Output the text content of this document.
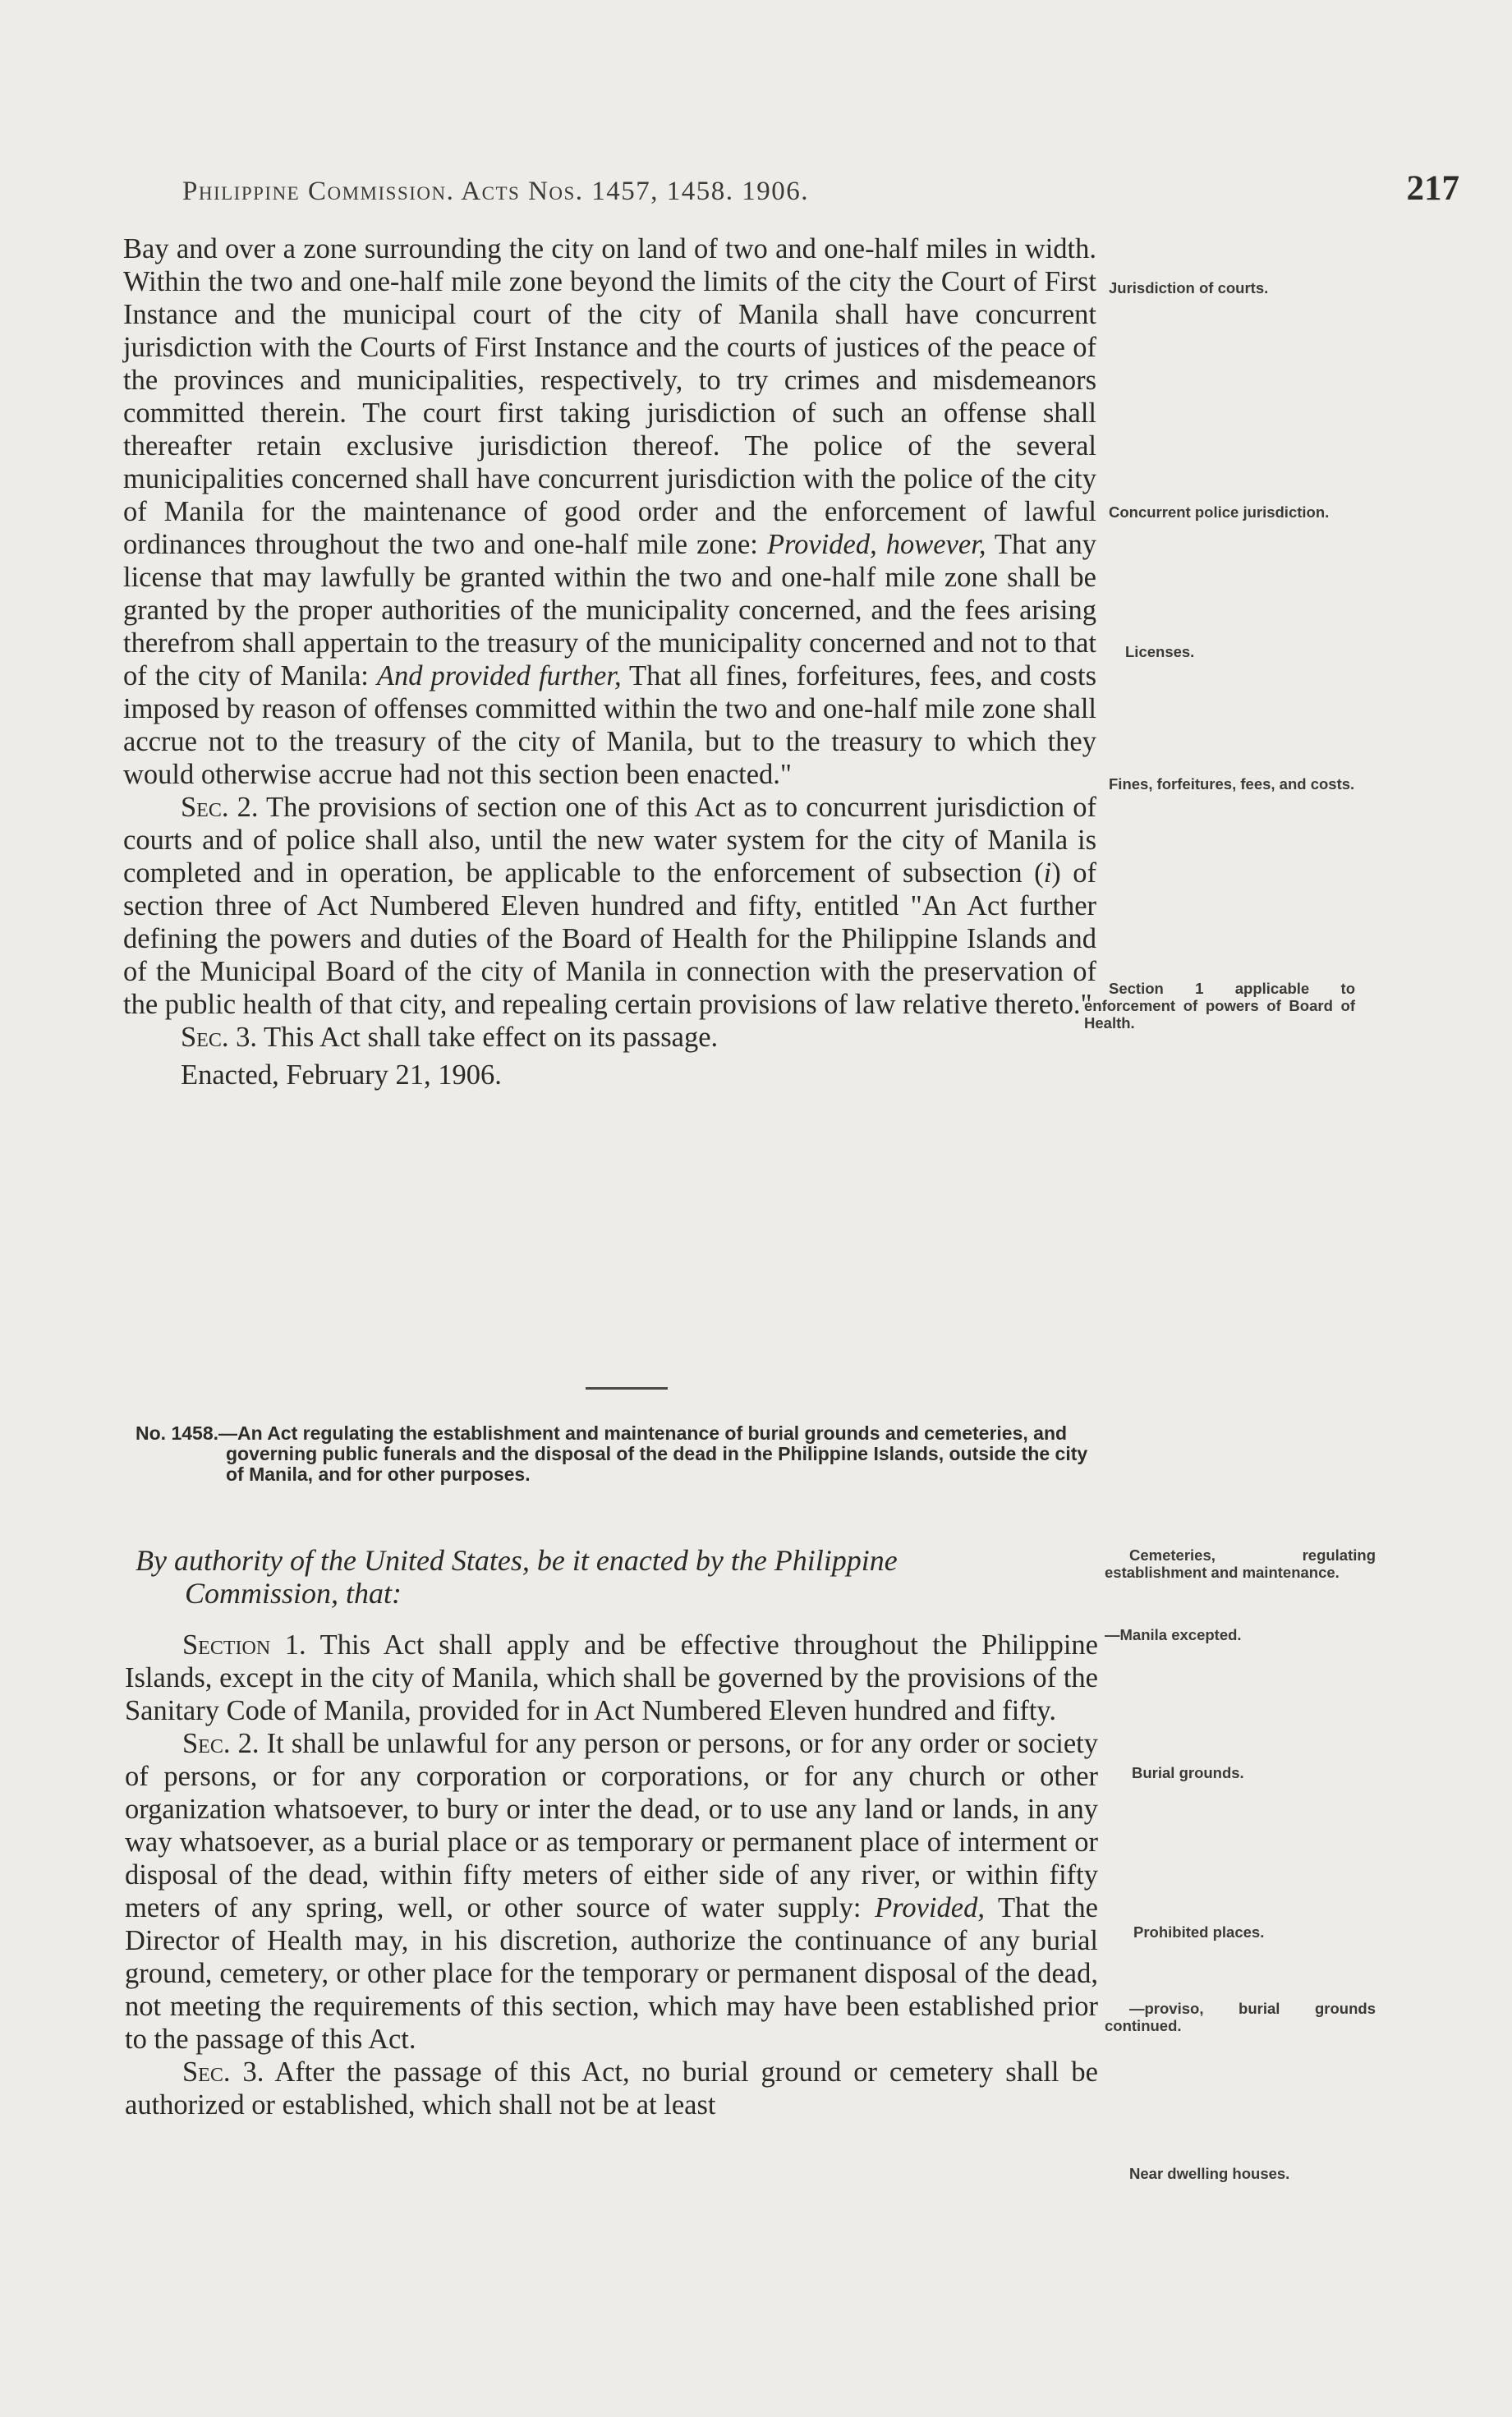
Philippine Commission. Acts Nos. 1457, 1458. 1906.	217

Bay and over a zone surrounding the city on land of two and one-half miles in width. Within the two and one-half mile zone beyond the limits of the city the Court of First Instance and the municipal court of the city of Manila shall have concurrent jurisdiction with the Courts of First Instance and the courts of justices of the peace of the provinces and municipalities, respectively, to try crimes and misdemeanors committed therein. The court first taking jurisdiction of such an offense shall thereafter retain exclusive jurisdiction thereof. The police of the several municipalities concerned shall have concurrent jurisdiction with the police of the city of Manila for the maintenance of good order and the enforcement of lawful ordinances throughout the two and one-half mile zone: Provided, however, That any license that may lawfully be granted within the two and one-half mile zone shall be granted by the proper authorities of the municipality concerned, and the fees arising therefrom shall appertain to the treasury of the municipality concerned and not to that of the city of Manila: And provided further, That all fines, forfeitures, fees, and costs imposed by reason of offenses committed within the two and one-half mile zone shall accrue not to the treasury of the city of Manila, but to the treasury to which they would otherwise accrue had not this section been enacted."

Sec. 2. The provisions of section one of this Act as to concurrent jurisdiction of courts and of police shall also, until the new water system for the city of Manila is completed and in operation, be applicable to the enforcement of subsection (i) of section three of Act Numbered Eleven hundred and fifty, entitled "An Act further defining the powers and duties of the Board of Health for the Philippine Islands and of the Municipal Board of the city of Manila in connection with the preservation of the public health of that city, and repealing certain provisions of law relative thereto."

Sec. 3. This Act shall take effect on its passage.

Enacted, February 21, 1906.

No. 1458.—An Act regulating the establishment and maintenance of burial grounds and cemeteries, and governing public funerals and the disposal of the dead in the Philippine Islands, outside the city of Manila, and for other purposes.

By authority of the United States, be it enacted by the Philippine

Commission, that:

Section 1. This Act shall apply and be effective throughout the Philippine Islands, except in the city of Manila, which shall be governed by the provisions of the Sanitary Code of Manila, provided for in Act Numbered Eleven hundred and fifty.

Sec. 2. It shall be unlawful for any person or persons, or for any order or society of persons, or for any corporation or corporations, or for any church or other organization whatsoever, to bury or inter the dead, or to use any land or lands, in any way whatsoever, as a burial place or as temporary or permanent place of interment or disposal of the dead, within fifty meters of either side of any river, or within fifty meters of any spring, well, or other source of water supply: Provided, That the Director of Health may, in his discretion, authorize the continuance of any burial ground, cemetery, or other place for the temporary or permanent disposal of the dead, not meeting the requirements of this section, which may have been established prior to the passage of this Act.

Sec. 3. After the passage of this Act, no burial ground or cemetery shall be authorized or established, which shall not be at least

Jurisdiction of courts.
Concurrent police jurisdiction.
Licenses.
Fines, forfeitures, fees, and costs.
Section 1 applicable to enforcement of powers of Board of Health.
Cemeteries, regulating establishment and maintenance.
—Manila excepted.
Burial grounds.
Prohibited places.
—proviso, burial grounds continued.
Near dwelling houses.
